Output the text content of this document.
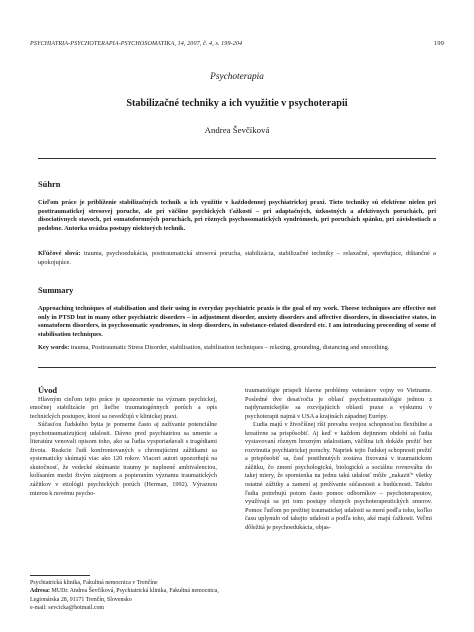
PSYCHIATRIA-PSYCHOTERAPIA-PSYCHOSOMATIKA, 14, 2007, č. 4, s. 199-204	199
Psychoterapia
Stabilizačné techniky a ich využitie v psychoterapii
Andrea Ševčíková

Súhrn

Cieľom práce je priblíženie stabilizačných technik a ich využitie v každodennej psychiatrickej praxi. Tieto techniky sú efektívne nielen pri posttraumatickej stresovej poruche, ale pri väčšine psychických ťažkostí – pri adaptačných, úzkostných a afektívnych poruchách, pri disociatívnych stavoch, pri somatoformných poruchách, pri rôznych psychosomatických syndrómoch, pri poruchách spánku, pri závislostiach a podobne. Autorka uvádza postupy niektorých technik.

Kľúčové slová: trauma, psychoedukácia, posttraumatická stresová porucha, stabilizácia, stabilizačné techniky – relaxačné, spevňujúce, dištančné a upokojujúce.

Summary

Approaching techniques of stabilisation and their using in everyday psychiatric praxis is the goal of my work. Theese techniques are effective not only in PTSD but in many other psychiatric disorders – in adjustment disorder, anxiety disorders and affective disorders, in dissociative states, in somatoform disorders, in psychosomatic syndromes, in sleep disorders, in substance-related disorderd etc. I am introducing proceeding of some of stabilisation techniques.

Key words: trauma, Posttraumatic Stress Disorder, stabilisation, stabilisation techniques – relaxing, grounding, distancing and smoothing.

Úvod

Hlavným cieľom tejto práce je upozornenie na význam psychickej, emočnej stabilizácie pri liečbe traumatogénnych porúch a opis technických postupov, ktoré sa osvedčujú v klinickej praxi.

Súčasťou ľudského bytia je pomerne často aj zažívanie potenciálne psychotraumatizujúcej udalosti. Dávno pred psychiatriou sa umenie a literatúra venovali opisom toho, ako sa ľudia vysporiadavali s tragédiami života. Reakcie ľudí konfrontovaných s chronujúcimi zážitkami sa systematicky skúmajú viac ako 120 rokov. Viaceri autori upozorňujú na skutočnosť, že vedecké skúmanie traumy je naplnené ambivalenciou, kolísaním medzi živým záujmom a popieraním významu traumatických zážitkov v etiológii psychických porúch (Herman, 1992). Výraznou mierou k novému psycho-

Psychiatrická klinika, Fakultná nemocnica v Trenčíne

Adresa: MUDr. Andrea Ševčíková, Psychiatrická klinika, Fakultná nemocnica, Legionárska 28, 91171 Trenčín, Slovensko

e-mail: sevcicka@hotmail.com

traumatológie prispeli hlavne problémy veteránov vojny vo Vietname. Posledné dve desaťročia je oblasť psychotraumatológie jednou z najdynamickejšie sa rozvíjajúcich oblastí praxe a výskumu v psychoterapii najmä v USA a krajinách západnej Európy.

Ľudia majú v živočíšnej ríši prevahu svojou schopnosťou flexibilne a kreatívne sa prispôsobiť. Aj keď v každom dejinnom období sú ľudia vystavovaní rôznym hrozným udalostiam, väčšina ich dokáže prežiť bez rozvinutia psychiatrickej poruchy. Napriek tejto ľudskej schopnosti prežiť a prispôsobiť sa, časť postihnutých zostáva fixovaná v traumatickom zážitku, čo zmení psychologickú, biologickú a sociálnu rovnováhu do takej miery, že spomienka na jednu takú udalosť môže „nakaziť“ všetky ostatné zážitky a zamení aj prežívanie súčasnosti a budúcnosti. Takéto ľudia potrebujú potom často pomoc odborníkov – psychoterapeutov, využívajú sa pri tom postupy rôznych psychoterapeutických smerov. Pomoc ľuďom po prežitej traumatickej udalosti sa mení podľa toho, koľko času uplynulo od takejto udalosti a podľa toho, aké majú ťažkosti. Veľmi dôležitá je psychoedukácia, objas-
